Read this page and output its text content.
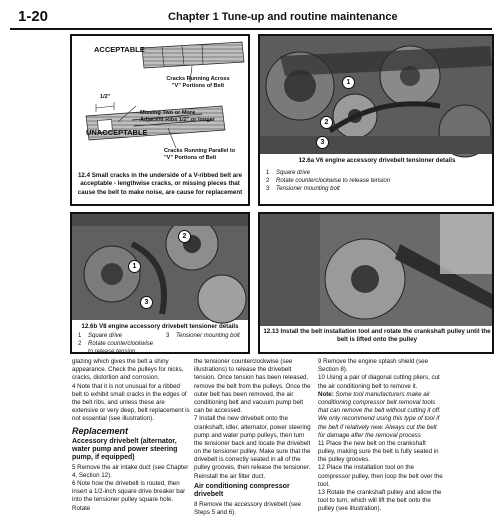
1-20	Chapter 1 Tune-up and routine maintenance
ACCEPTABLE
Cracks Running Across "V" Portions of Belt
1/2"
Missing Two or More Adjacent Ribs 1/2" or longer
UNACCEPTABLE
Cracks Running Parallel to "V" Portions of Belt
12.4 Small cracks in the underside of a V-ribbed belt are acceptable - lengthwise cracks, or missing pieces that cause the belt to make noise, are cause for replacement
1
2
3
12.6a V6 engine accessory drivebelt tensioner details
1 Square drive
2 Rotate counterclockwise to release tension
3 Tensioner mounting bolt
1
2
3
12.6b V8 engine accessory drivebelt tensioner details
1 Square drive
2 Rotate counterclockwise to release tension
3 Tensioner mounting bolt
12.13 Install the belt installation tool and rotate the crankshaft pulley until the belt is lifted onto the pulley

glazing which gives the belt a shiny appearance. Check the pulleys for nicks, cracks, distortion and corrosion.

4 Note that it is not unusual for a ribbed belt to exhibit small cracks in the edges of the belt ribs, and unless these are extensive or very deep, belt replacement is not essential (see illustration).

Replacement
Accessory drivebelt (alternator, water pump and power steering pump, if equipped)

5 Remove the air intake duct (see Chapter 4, Section 12).

6 Note how the drivebelt is routed, then insert a 1/2-inch square drive breaker bar into the tensioner pulley square hole. Rotate

the tensioner counterclockwise (see illustrations) to release the drivebelt tension. Once tension has been released, remove the belt from the pulleys. Once the outer belt has been removed, the air conditioning belt and vacuum pump belt can be accessed.

7 Install the new drivebelt onto the crankshaft, idler, alternator, power steering pump and water pump pulleys, then turn the tensioner back and locate the drivebelt on the tensioner pulley. Make sure that the drivebelt is correctly seated in all of the pulley grooves, then release the tensioner. Reinstall the air filter duct.

Air conditioning compressor drivebelt

8 Remove the accessory drivebelt (see Steps 5 and 6).

9 Remove the engine splash shield (see Section 8).

10 Using a pair of diagonal cutting pliers, cut the air conditioning belt to remove it.

Note: Some tool manufacturers make air conditioning compressor belt removal tools that can remove the belt without cutting it off. We only recommend using this type of tool if the belt if relatively new. Always cut the belt for damage after the removal process

11 Place the new belt on the crankshaft pulley, making sure the belt is fully seated in the pulley grooves.

12 Place the installation tool on the compressor pulley, then loop the belt over the tool.

13 Rotate the crankshaft pulley and allow the tool to turn, which will lift the belt onto the pulley (see illustration).
